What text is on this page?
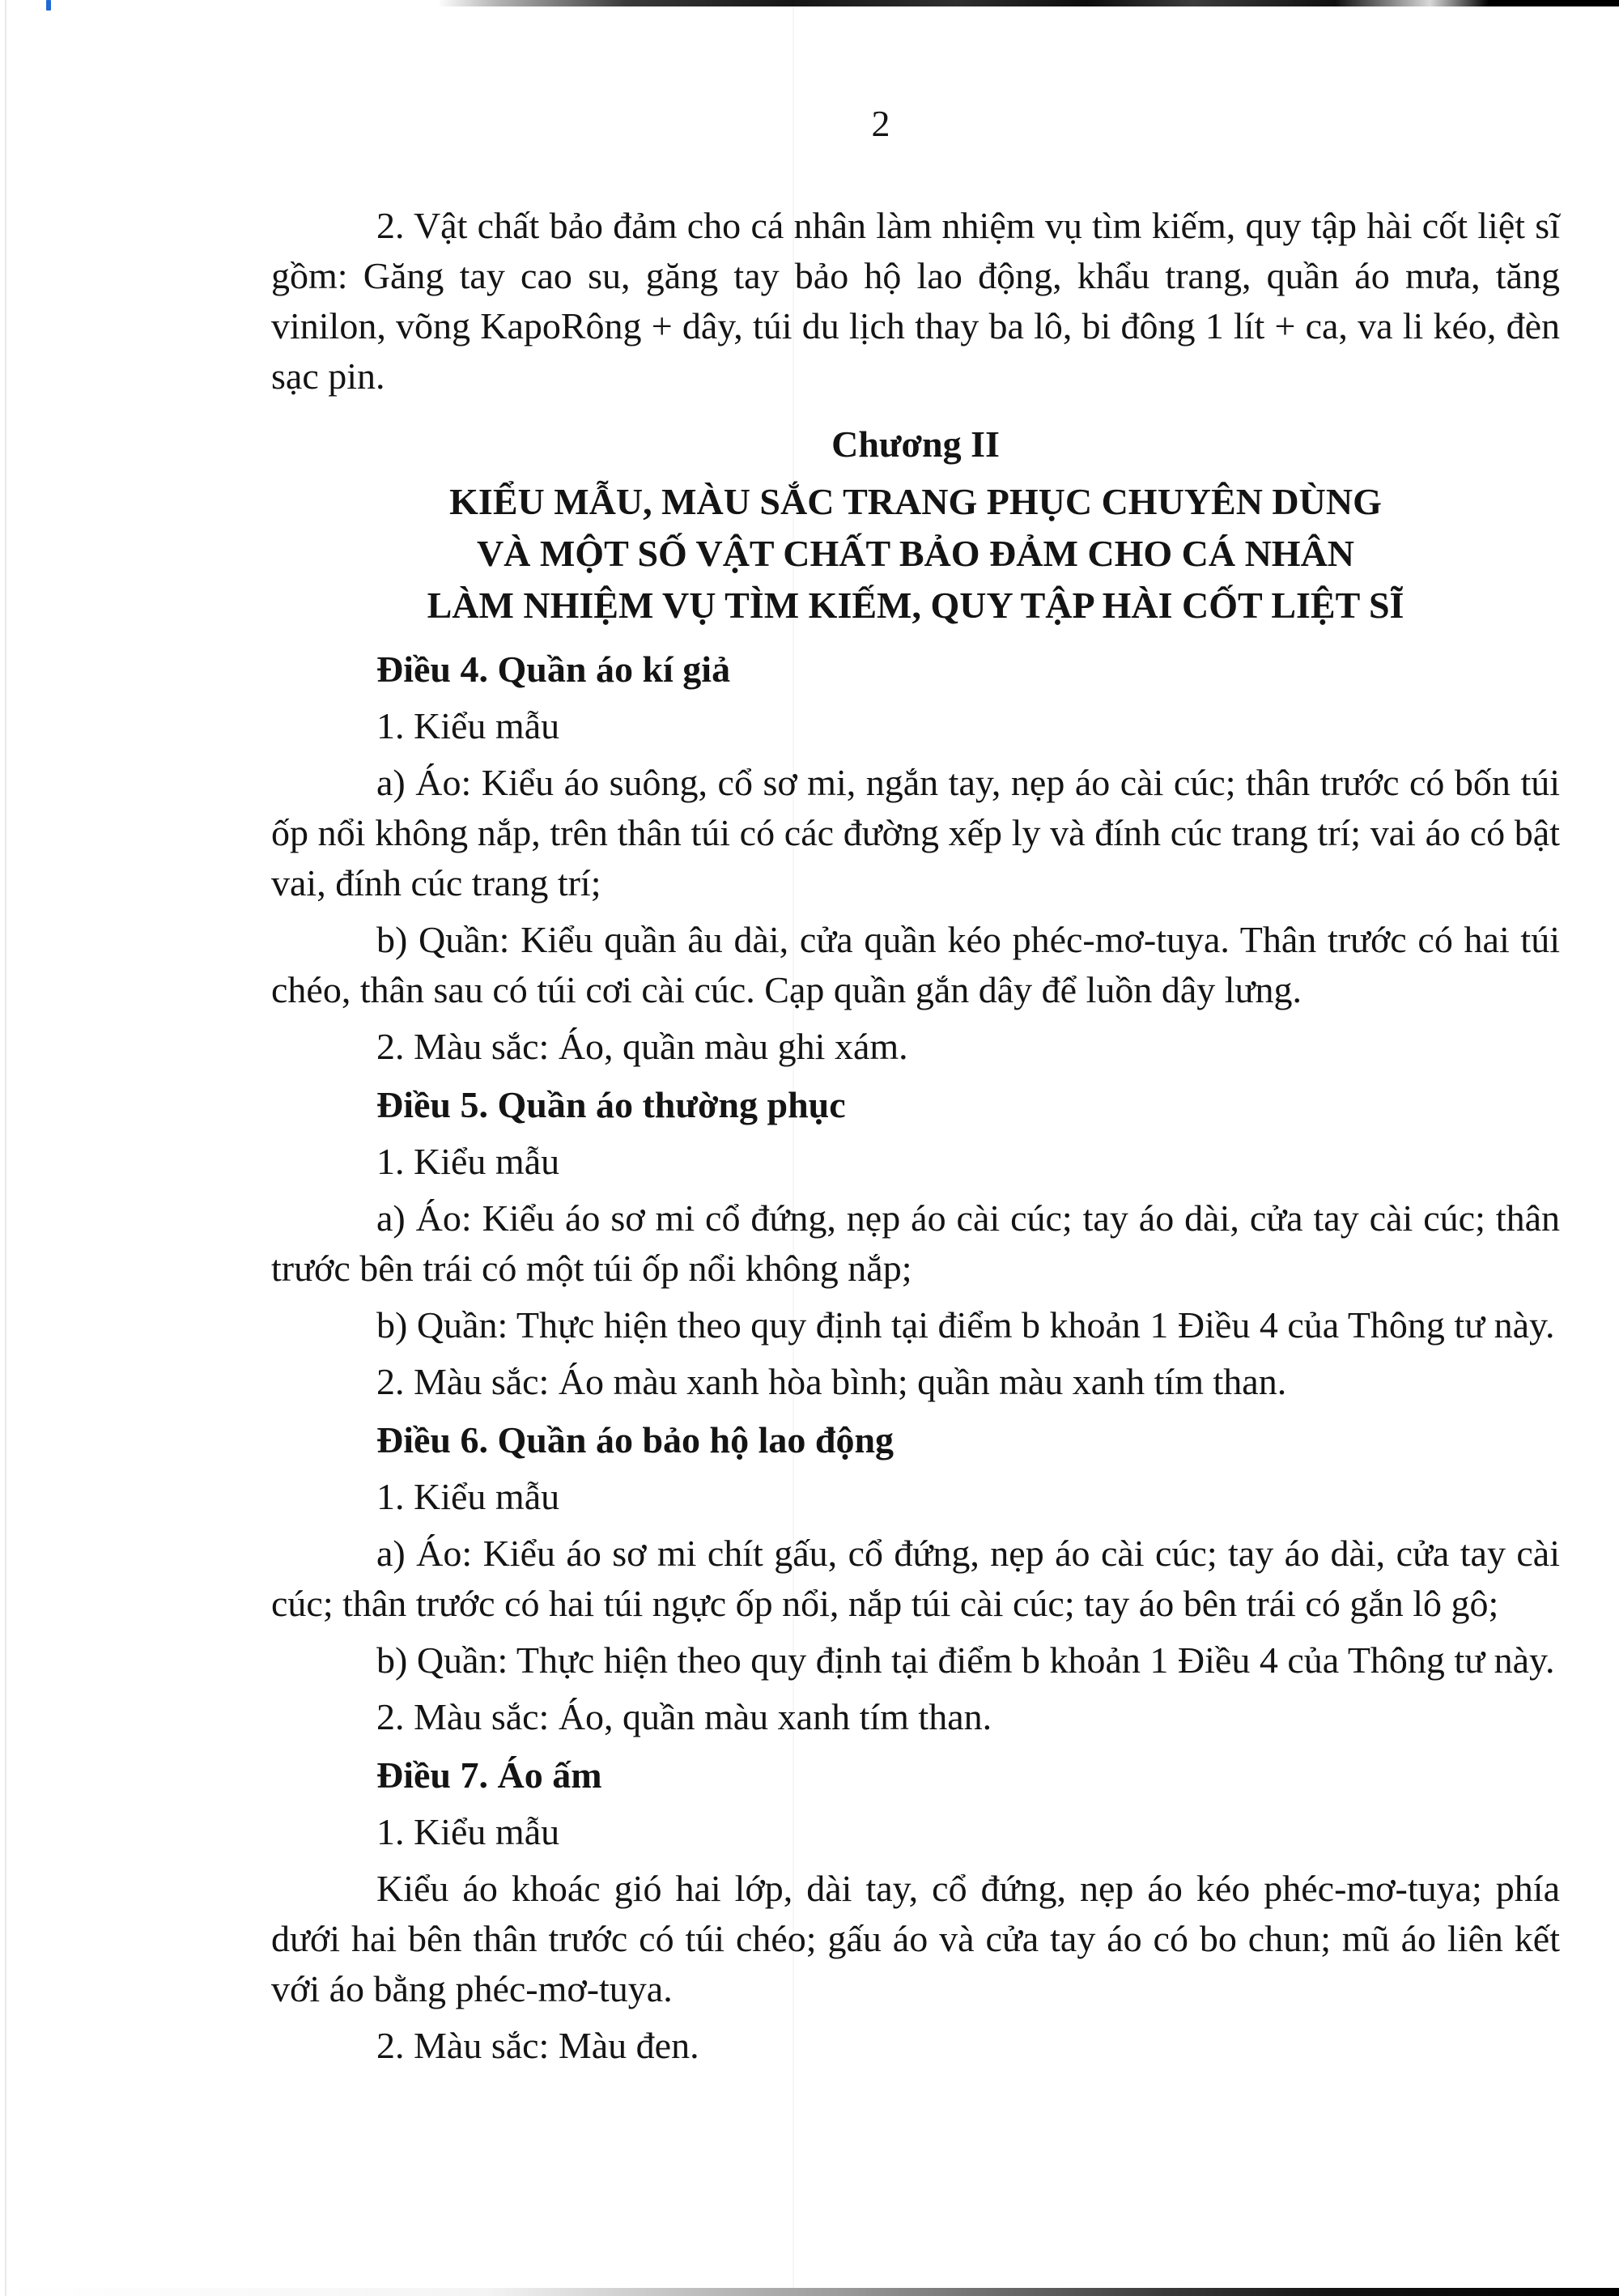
2

2. Vật chất bảo đảm cho cá nhân làm nhiệm vụ tìm kiếm, quy tập hài cốt liệt sĩ gồm: Găng tay cao su, găng tay bảo hộ lao động, khẩu trang, quần áo mưa, tăng vinilon, võng KapoRông + dây, túi du lịch thay ba lô, bi đông 1 lít + ca, va li kéo, đèn sạc pin.

Chương II

KIỂU MẪU, MÀU SẮC TRANG PHỤC CHUYÊN DÙNG

VÀ MỘT SỐ VẬT CHẤT BẢO ĐẢM CHO CÁ NHÂN

LÀM NHIỆM VỤ TÌM KIẾM, QUY TẬP HÀI CỐT LIỆT SĨ

Điều 4. Quần áo kí giả

1. Kiểu mẫu

a) Áo: Kiểu áo suông, cổ sơ mi, ngắn tay, nẹp áo cài cúc; thân trước có bốn túi ốp nổi không nắp, trên thân túi có các đường xếp ly và đính cúc trang trí; vai áo có bật vai, đính cúc trang trí;

b) Quần: Kiểu quần âu dài, cửa quần kéo phéc-mơ-tuya. Thân trước có hai túi chéo, thân sau có túi cơi cài cúc. Cạp quần gắn dây để luồn dây lưng.

2. Màu sắc: Áo, quần màu ghi xám.

Điều 5. Quần áo thường phục

1. Kiểu mẫu

a) Áo: Kiểu áo sơ mi cổ đứng, nẹp áo cài cúc; tay áo dài, cửa tay cài cúc; thân trước bên trái có một túi ốp nổi không nắp;

b) Quần: Thực hiện theo quy định tại điểm b khoản 1 Điều 4 của Thông tư này.

2. Màu sắc: Áo màu xanh hòa bình; quần màu xanh tím than.

Điều 6. Quần áo bảo hộ lao động

1. Kiểu mẫu

a) Áo: Kiểu áo sơ mi chít gấu, cổ đứng, nẹp áo cài cúc; tay áo dài, cửa tay cài cúc; thân trước có hai túi ngực ốp nổi, nắp túi cài cúc; tay áo bên trái có gắn lô gô;

b) Quần: Thực hiện theo quy định tại điểm b khoản 1 Điều 4 của Thông tư này.

2. Màu sắc: Áo, quần màu xanh tím than.

Điều 7. Áo ấm

1. Kiểu mẫu

Kiểu áo khoác gió hai lớp, dài tay, cổ đứng, nẹp áo kéo phéc-mơ-tuya; phía dưới hai bên thân trước có túi chéo; gấu áo và cửa tay áo có bo chun; mũ áo liên kết với áo bằng phéc-mơ-tuya.

2. Màu sắc: Màu đen.
